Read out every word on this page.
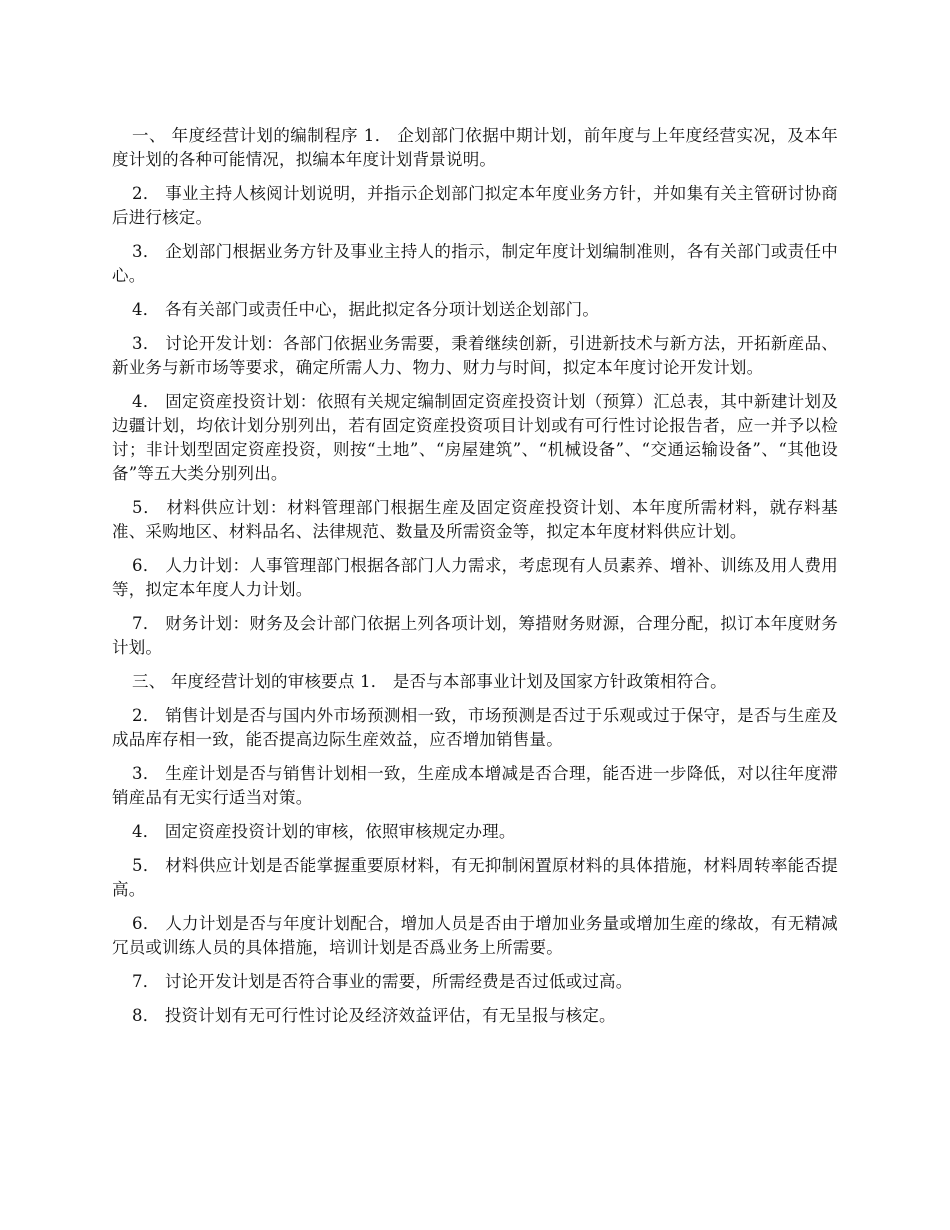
一、 年度经营计划的编制程序 1． 企划部门依据中期计划，前年度与上年度经营实况，及本年度计划的各种可能情况，拟编本年度计划背景说明。

2． 事业主持人核阅计划说明，并指示企划部门拟定本年度业务方针，并如集有关主管研讨协商后进行核定。

3． 企划部门根据业务方针及事业主持人的指示，制定年度计划编制准则，各有关部门或责任中心。

4． 各有关部门或责任中心，据此拟定各分项计划送企划部门。

3． 讨论开发计划：各部门依据业务需要，秉着继续创新，引进新技术与新方法，开拓新産品、新业务与新市场等要求，确定所需人力、物力、财力与时间，拟定本年度讨论开发计划。

4． 固定资産投资计划：依照有关规定编制固定资産投资计划（预算）汇总表，其中新建计划及边疆计划，均依计划分别列出，若有固定资産投资项目计划或有可行性讨论报告者，应一并予以检讨；非计划型固定资産投资，则按“土地”、“房屋建筑”、“机械设备”、“交通运输设备”、“其他设备”等五大类分别列出。

5． 材料供应计划：材料管理部门根据生産及固定资産投资计划、本年度所需材料，就存料基准、采购地区、材料品名、法律规范、数量及所需资金等，拟定本年度材料供应计划。

6． 人力计划：人事管理部门根据各部门人力需求，考虑现有人员素养、增补、训练及用人费用等，拟定本年度人力计划。

7． 财务计划：财务及会计部门依据上列各项计划，筹措财务财源，合理分配，拟订本年度财务计划。

三、 年度经营计划的审核要点 1． 是否与本部事业计划及国家方针政策相符合。

2． 销售计划是否与国内外市场预测相一致，市场预测是否过于乐观或过于保守，是否与生産及成品库存相一致，能否提高边际生産效益，应否增加销售量。

3． 生産计划是否与销售计划相一致，生産成本增减是否合理，能否进一步降低，对以往年度滞销産品有无实行适当对策。

4． 固定资産投资计划的审核，依照审核规定办理。

5． 材料供应计划是否能掌握重要原材料，有无抑制闲置原材料的具体措施，材料周转率能否提高。

6． 人力计划是否与年度计划配合，增加人员是否由于增加业务量或增加生産的缘故，有无精减冗员或训练人员的具体措施，培训计划是否爲业务上所需要。

7． 讨论开发计划是否符合事业的需要，所需经费是否过低或过高。

8． 投资计划有无可行性讨论及经济效益评估，有无呈报与核定。
